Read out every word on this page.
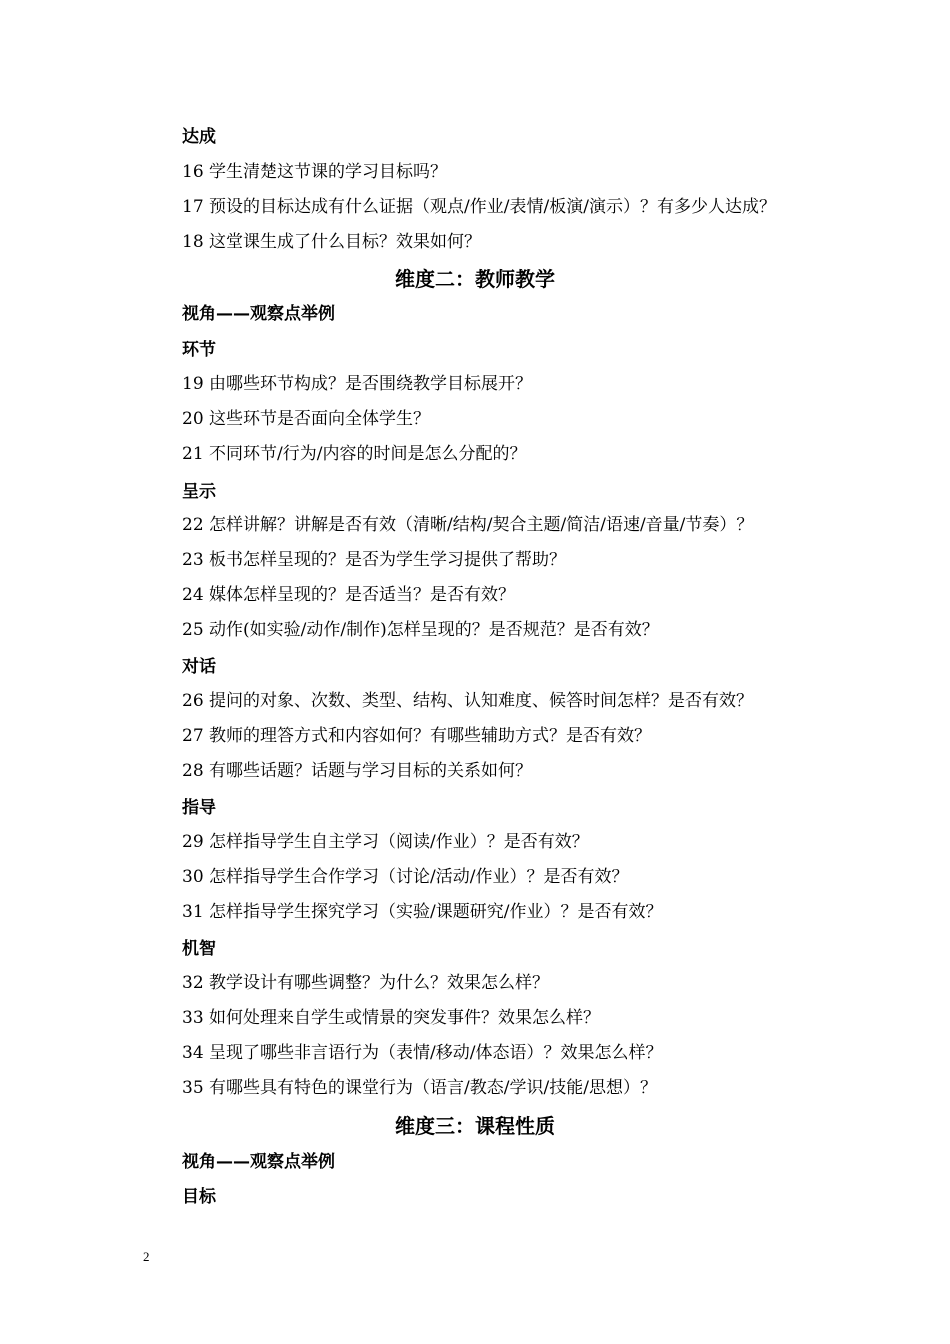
达成
16 学生清楚这节课的学习目标吗？
17 预设的目标达成有什么证据（观点/作业/表情/板演/演示）？有多少人达成？
18 这堂课生成了什么目标？效果如何？
维度二：教师教学
视角——观察点举例
环节
19 由哪些环节构成？是否围绕教学目标展开？
20 这些环节是否面向全体学生？
21 不同环节/行为/内容的时间是怎么分配的？
呈示
22 怎样讲解？讲解是否有效（清晰/结构/契合主题/简洁/语速/音量/节奏）？
23 板书怎样呈现的？是否为学生学习提供了帮助？
24 媒体怎样呈现的？是否适当？是否有效？
25 动作(如实验/动作/制作)怎样呈现的？是否规范？是否有效？
对话
26 提问的对象、次数、类型、结构、认知难度、候答时间怎样？是否有效？
27 教师的理答方式和内容如何？有哪些辅助方式？是否有效？
28 有哪些话题？话题与学习目标的关系如何？
指导
29 怎样指导学生自主学习（阅读/作业）？是否有效？
30 怎样指导学生合作学习（讨论/活动/作业）？是否有效？
31 怎样指导学生探究学习（实验/课题研究/作业）？是否有效？
机智
32 教学设计有哪些调整？为什么？效果怎么样？
33 如何处理来自学生或情景的突发事件？效果怎么样？
34 呈现了哪些非言语行为（表情/移动/体态语）？效果怎么样？
35 有哪些具有特色的课堂行为（语言/教态/学识/技能/思想）？
维度三：课程性质
视角——观察点举例
目标
2
